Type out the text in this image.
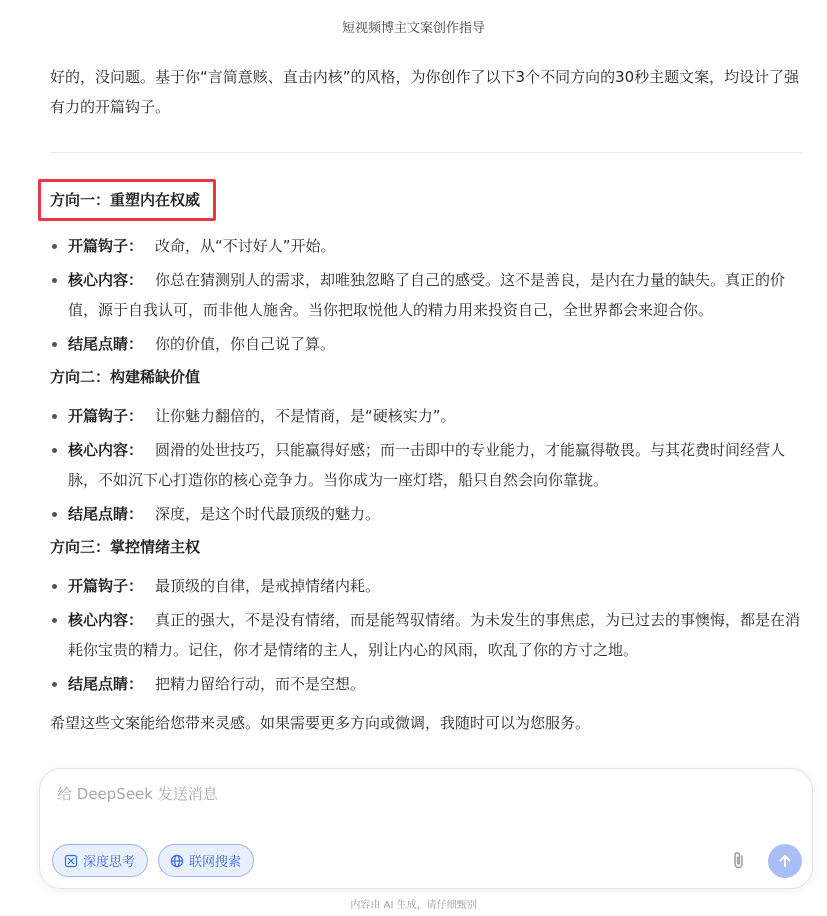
短视频博主文案创作指导

好的，没问题。基于你“言简意赅、直击内核”的风格，为你创作了以下3个不同方向的30秒主题文案，均设计了强有力的开篇钩子。

方向一：重塑内在权威
开篇钩子： 改命，从“不讨好人”开始。
核心内容： 你总在猜测别人的需求，却唯独忽略了自己的感受。这不是善良，是内在力量的缺失。真正的价值，源于自我认可，而非他人施舍。当你把取悦他人的精力用来投资自己，全世界都会来迎合你。
结尾点睛： 你的价值，你自己说了算。
方向二：构建稀缺价值
开篇钩子： 让你魅力翻倍的，不是情商，是“硬核实力”。
核心内容： 圆滑的处世技巧，只能赢得好感；而一击即中的专业能力，才能赢得敬畏。与其花费时间经营人脉，不如沉下心打造你的核心竞争力。当你成为一座灯塔，船只自然会向你靠拢。
结尾点睛： 深度，是这个时代最顶级的魅力。
方向三：掌控情绪主权
开篇钩子： 最顶级的自律，是戒掉情绪内耗。
核心内容： 真正的强大，不是没有情绪，而是能驾驭情绪。为未发生的事焦虑，为已过去的事懊悔，都是在消耗你宝贵的精力。记住，你才是情绪的主人，别让内心的风雨，吹乱了你的方寸之地。
结尾点睛： 把精力留给行动，而不是空想。

希望这些文案能给您带来灵感。如果需要更多方向或微调，我随时可以为您服务。

给 DeepSeek 发送消息
深度思考	联网搜索
内容由 AI 生成，请仔细甄别
